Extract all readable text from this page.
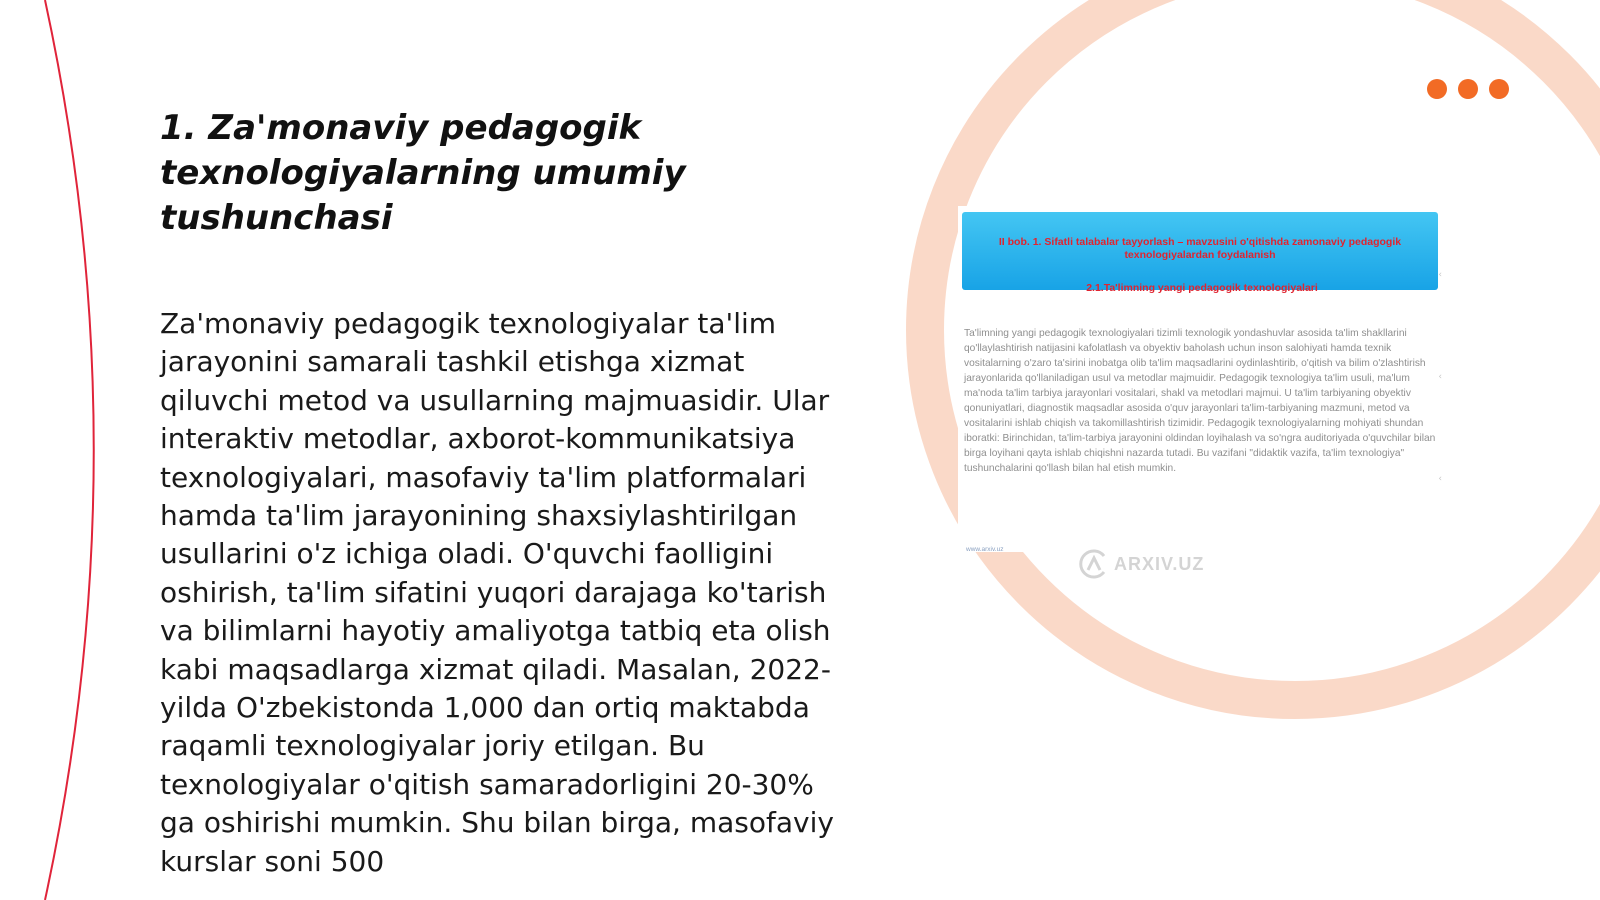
1. Za'monaviy pedagogik texnologiyalarning umumiy tushunchasi

Za'monaviy pedagogik texnologiyalar ta'lim jarayonini samarali tashkil etishga xizmat qiluvchi metod va usullarning majmuasidir. Ular interaktiv metodlar, axborot-kommunikatsiya texnologiyalari, masofaviy ta'lim platformalari hamda ta'lim jarayonining shaxsiylashtirilgan usullarini o'z ichiga oladi. O'quvchi faolligini oshirish, ta'lim sifatini yuqori darajaga ko'tarish va bilimlarni hayotiy amaliyotga tatbiq eta olish kabi maqsadlarga xizmat qiladi. Masalan, 2022-yilda O'zbekistonda 1,000 dan ortiq maktabda raqamli texnologiyalar joriy etilgan. Bu texnologiyalar o'qitish samaradorligini 20-30% ga oshirishi mumkin. Shu bilan birga, masofaviy kurslar soni 500

II bob. 1. Sifatli talabalar tayyorlash – mavzusini o'qitishda zamonaviy pedagogik texnologiyalardan foydalanish
2.1.Ta'limning yangi pedagogik texnologiyalari

Ta'limning yangi pedagogik texnologiyalari tizimli texnologik yondashuvlar asosida ta'lim shakllarini qo'llaylashtirish natijasini kafolatlash va obyektiv baholash uchun inson salohiyati hamda texnik vositalarning o'zaro ta'sirini inobatga olib ta'lim maqsadlarini oydinlashtirib, o'qitish va bilim o'zlashtirish jarayonlarida qo'llaniladigan usul va metodlar majmuidir. Pedagogik texnologiya ta'lim usuli, ma'lum ma'noda ta'lim tarbiya jarayonlari vositalari, shakl va metodlari majmui. U ta'lim tarbiyaning obyektiv qonuniyatlari, diagnostik maqsadlar asosida o'quv jarayonlari ta'lim-tarbiyaning mazmuni, metod va vositalarini ishlab chiqish va takomillashtirish tizimidir. Pedagogik texnologiyalarning mohiyati shundan iboratki: Birinchidan, ta'lim-tarbiya jarayonini oldindan loyihalash va so'ngra auditoriyada o'quvchilar bilan birga loyihani qayta ishlab chiqishni nazarda tutadi. Bu vazifani "didaktik vazifa, ta'lim texnologiya" tushunchalarini qo'llash bilan hal etish mumkin.

‹
‹
‹
www.arxiv.uz
ARXIV.UZ
